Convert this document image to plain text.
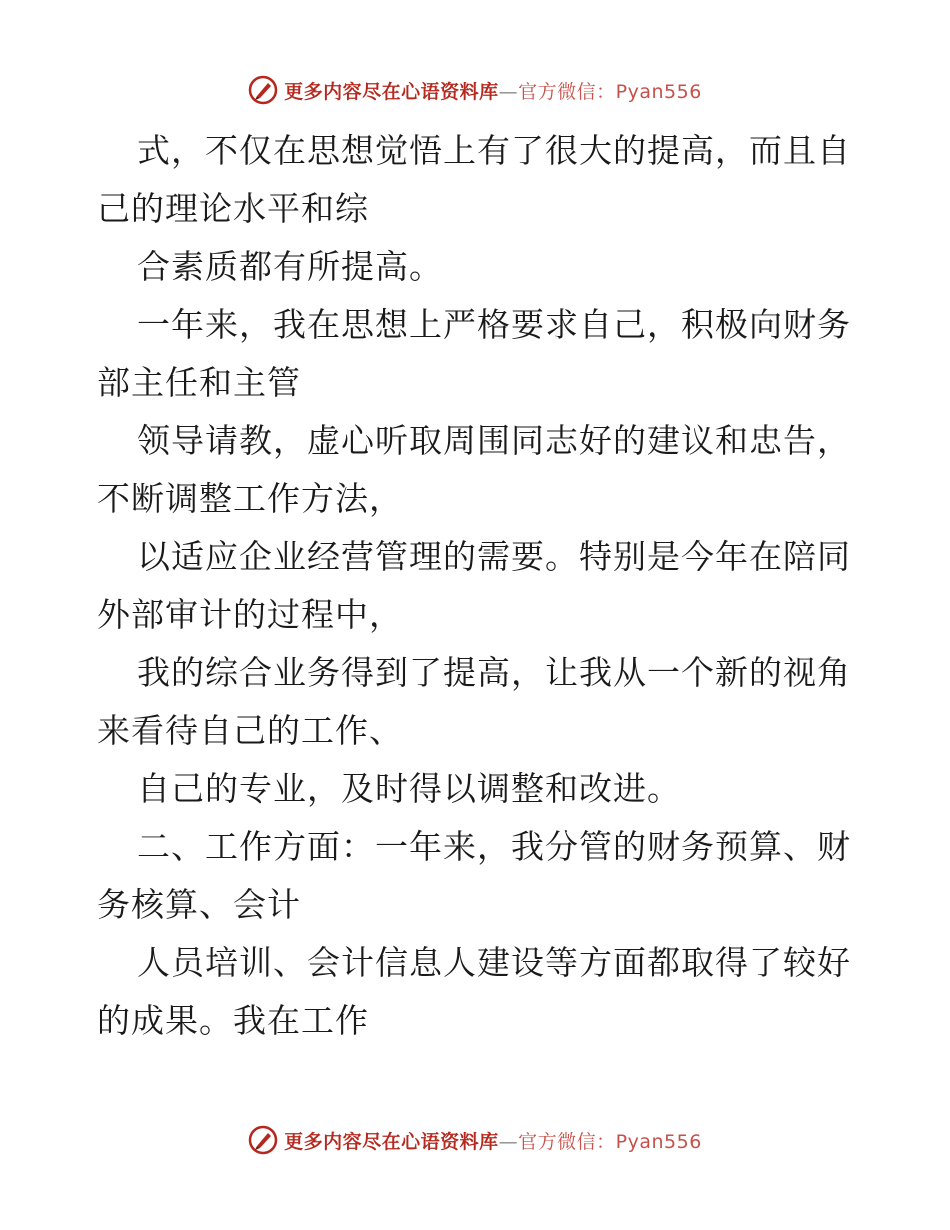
更多内容尽在心语资料库—官方微信：Pyan556

式，不仅在思想觉悟上有了很大的提高，而且自己的理论水平和综

合素质都有所提高。

一年来，我在思想上严格要求自己，积极向财务部主任和主管

领导请教，虚心听取周围同志好的建议和忠告，不断调整工作方法，

以适应企业经营管理的需要。特别是今年在陪同外部审计的过程中，

我的综合业务得到了提高，让我从一个新的视角来看待自己的工作、

自己的专业，及时得以调整和改进。

二、工作方面：一年来，我分管的财务预算、财务核算、会计

人员培训、会计信息人建设等方面都取得了较好的成果。我在工作

更多内容尽在心语资料库—官方微信：Pyan556
